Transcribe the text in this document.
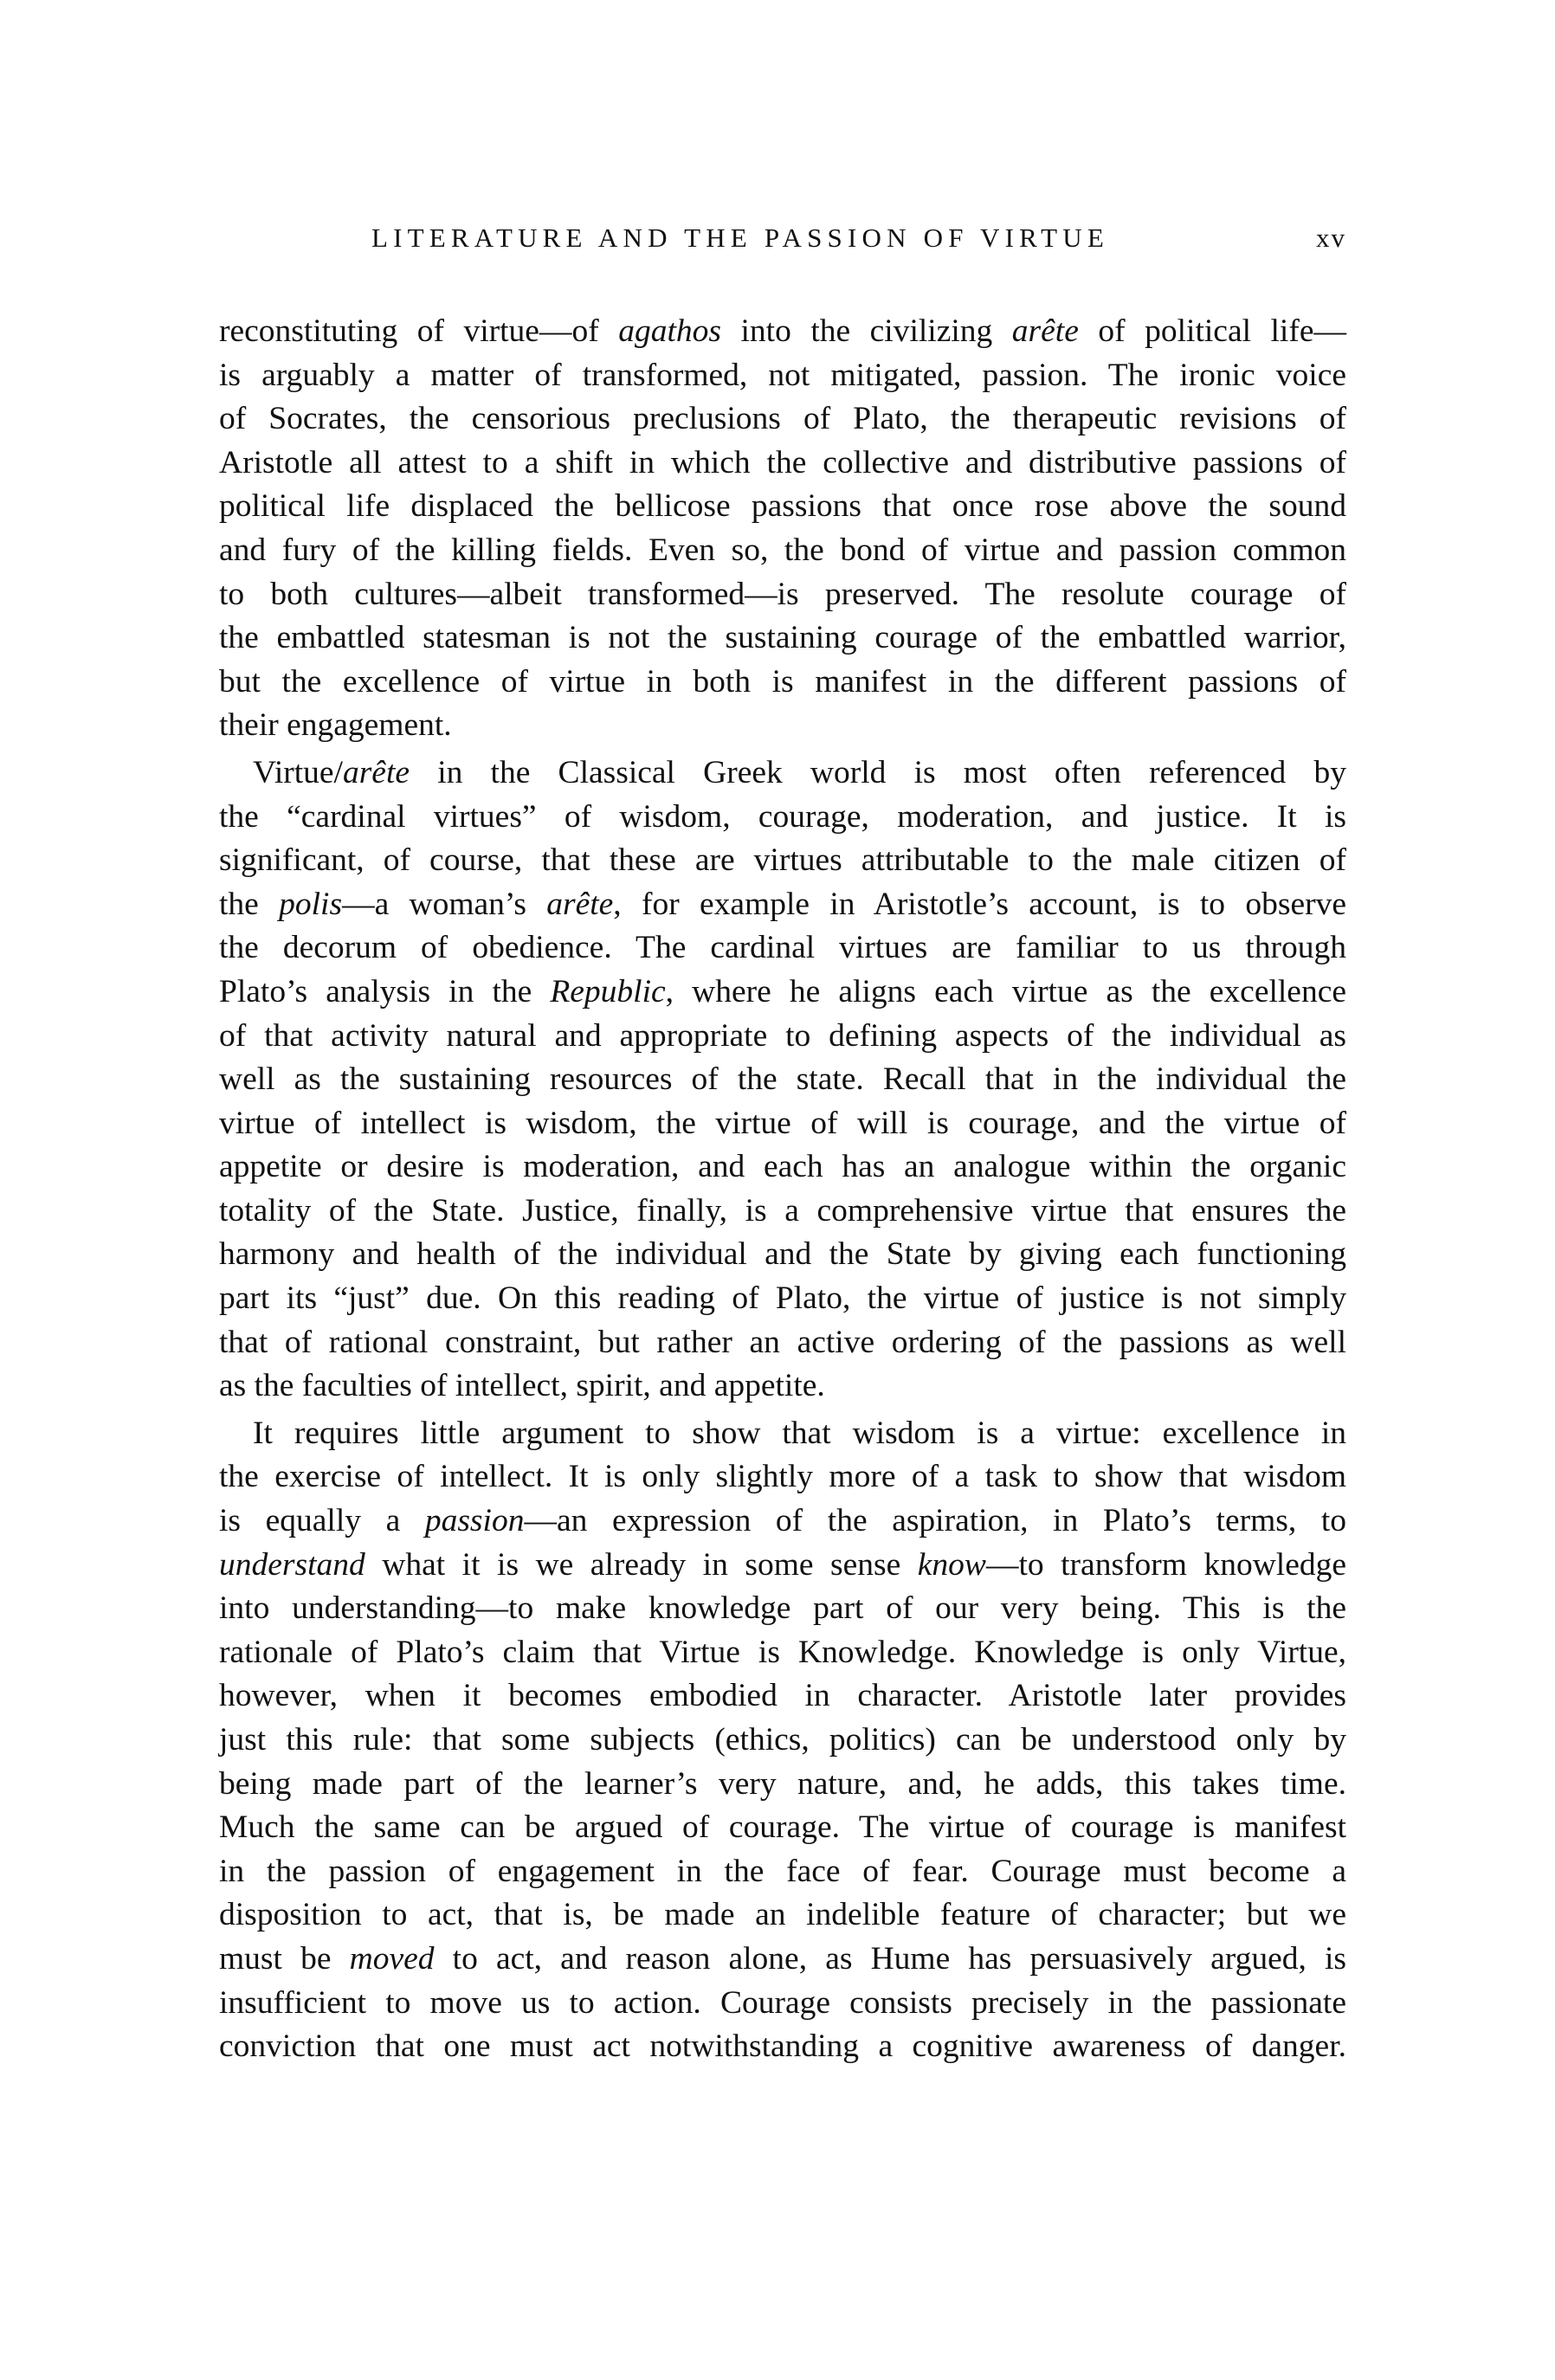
LITERATURE AND THE PASSION OF VIRTUE	xv
reconstituting of virtue—of agathos into the civilizing arête of political life—
is arguably a matter of transformed, not mitigated, passion. The ironic voice
of Socrates, the censorious preclusions of Plato, the therapeutic revisions of
Aristotle all attest to a shift in which the collective and distributive passions of
political life displaced the bellicose passions that once rose above the sound
and fury of the killing fields. Even so, the bond of virtue and passion common
to both cultures—albeit transformed—is preserved. The resolute courage of
the embattled statesman is not the sustaining courage of the embattled warrior,
but the excellence of virtue in both is manifest in the different passions of
their engagement.
Virtue/arête in the Classical Greek world is most often referenced by
the “cardinal virtues” of wisdom, courage, moderation, and justice. It is
significant, of course, that these are virtues attributable to the male citizen of
the polis—a woman’s arête, for example in Aristotle’s account, is to observe
the decorum of obedience. The cardinal virtues are familiar to us through
Plato’s analysis in the Republic, where he aligns each virtue as the excellence
of that activity natural and appropriate to defining aspects of the individual as
well as the sustaining resources of the state. Recall that in the individual the
virtue of intellect is wisdom, the virtue of will is courage, and the virtue of
appetite or desire is moderation, and each has an analogue within the organic
totality of the State. Justice, finally, is a comprehensive virtue that ensures the
harmony and health of the individual and the State by giving each functioning
part its “just” due. On this reading of Plato, the virtue of justice is not simply
that of rational constraint, but rather an active ordering of the passions as well
as the faculties of intellect, spirit, and appetite.
It requires little argument to show that wisdom is a virtue: excellence in
the exercise of intellect. It is only slightly more of a task to show that wisdom
is equally a passion—an expression of the aspiration, in Plato’s terms, to
understand what it is we already in some sense know—to transform knowledge
into understanding—to make knowledge part of our very being. This is the
rationale of Plato’s claim that Virtue is Knowledge. Knowledge is only Virtue,
however, when it becomes embodied in character. Aristotle later provides
just this rule: that some subjects (ethics, politics) can be understood only by
being made part of the learner’s very nature, and, he adds, this takes time.
Much the same can be argued of courage. The virtue of courage is manifest
in the passion of engagement in the face of fear. Courage must become a
disposition to act, that is, be made an indelible feature of character; but we
must be moved to act, and reason alone, as Hume has persuasively argued, is
insufficient to move us to action. Courage consists precisely in the passionate
conviction that one must act notwithstanding a cognitive awareness of danger.
